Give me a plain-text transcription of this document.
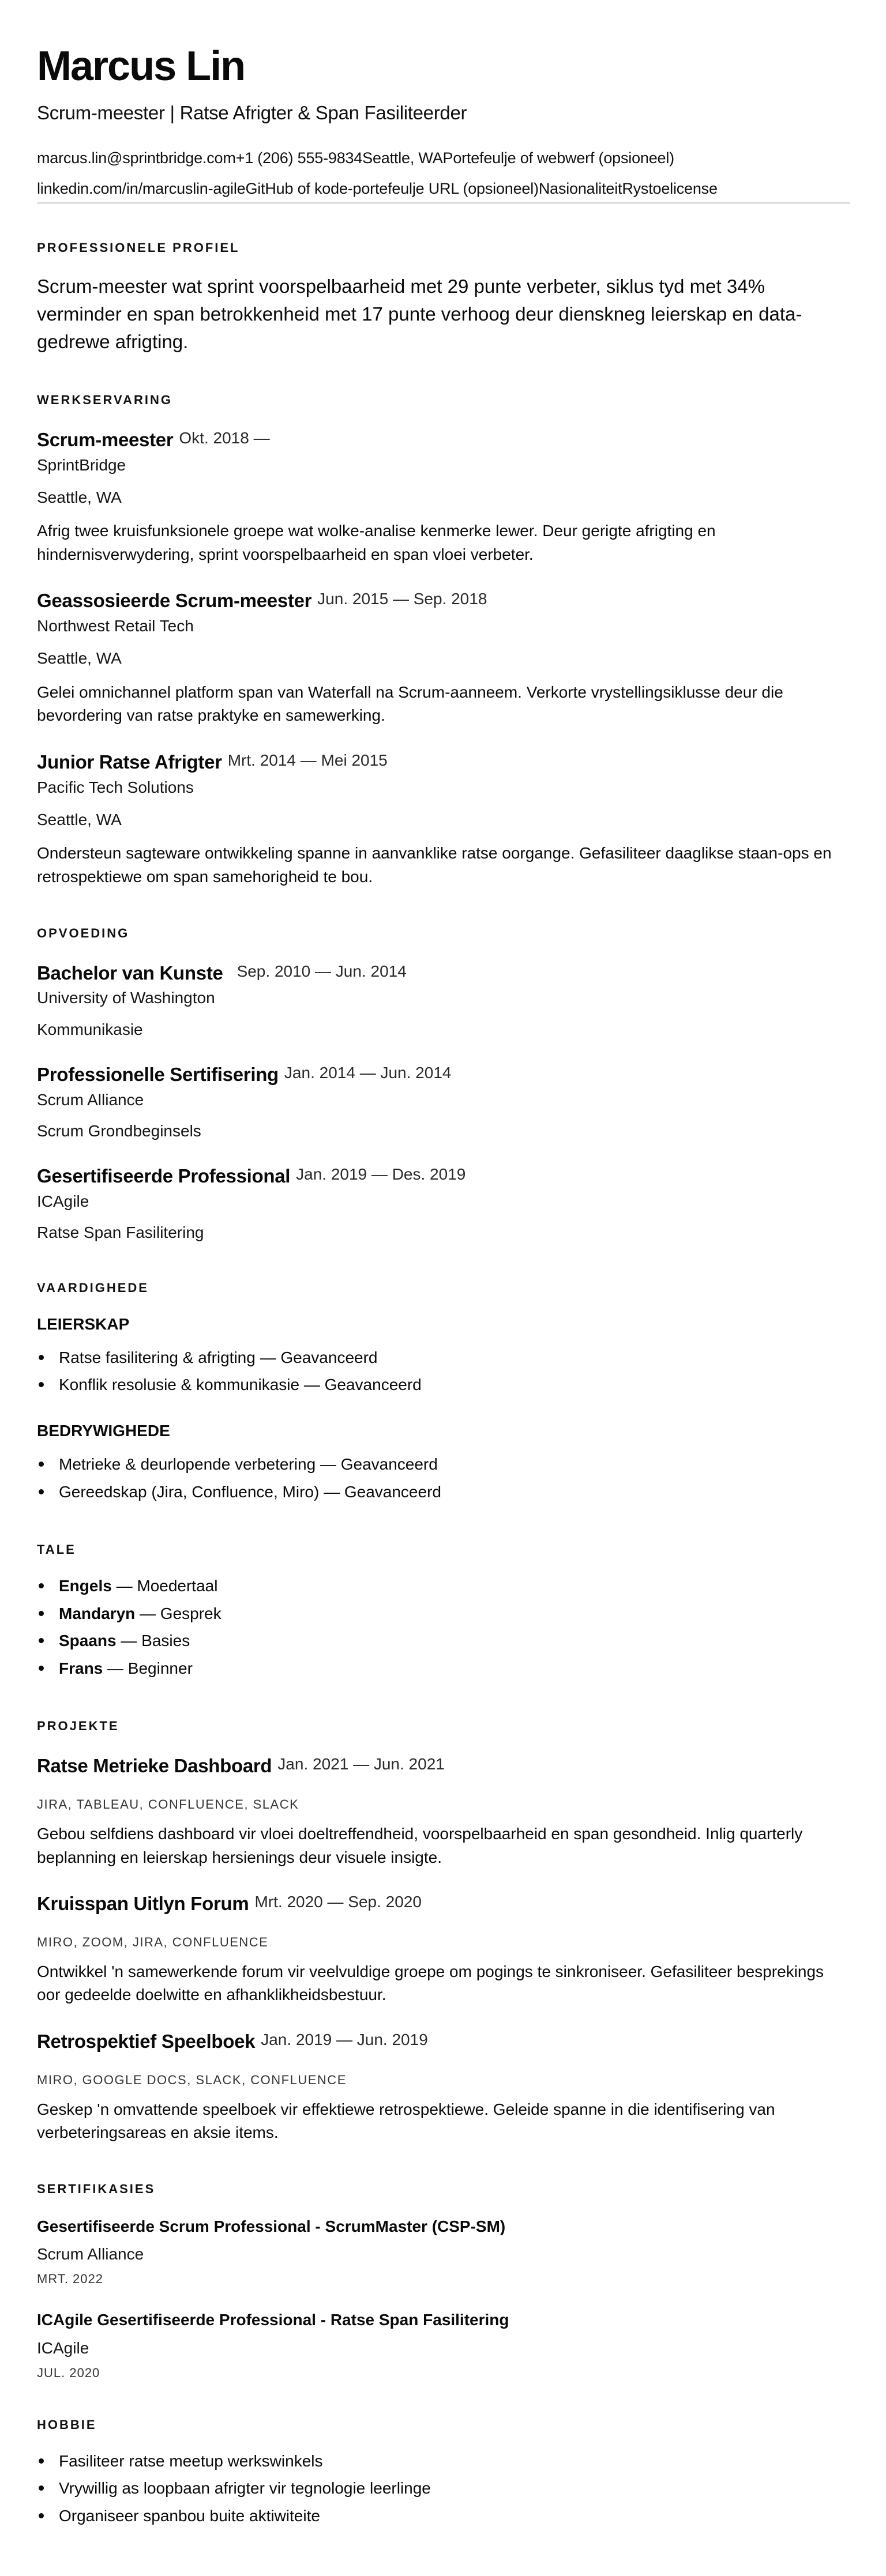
Marcus Lin
Scrum-meester | Ratse Afrigter & Span Fasiliteerder
marcus.lin@sprintbridge.com+1 (206) 555-9834Seattle, WAPortefeulje of webwerf (opsioneel)
linkedin.com/in/marcuslin-agileGitHub of kode-portefeulje URL (opsioneel)NasionaliteitRystoelicense
PROFESSIONELE PROFIEL

Scrum-meester wat sprint voorspelbaarheid met 29 punte verbeter, siklus tyd met 34% verminder en span betrokkenheid met 17 punte verhoog deur dienskneg leierskap en data-gedrewe afrigting.

WERKSERVARING
Scrum-meester Okt. 2018 —
SprintBridge
Seattle, WA

Afrig twee kruisfunksionele groepe wat wolke-analise kenmerke lewer. Deur gerigte afrigting en hindernisverwydering, sprint voorspelbaarheid en span vloei verbeter.

Geassosieerde Scrum-meester Jun. 2015 — Sep. 2018
Northwest Retail Tech
Seattle, WA

Gelei omnichannel platform span van Waterfall na Scrum-aanneem. Verkorte vrystellingsiklusse deur die bevordering van ratse praktyke en samewerking.

Junior Ratse Afrigter Mrt. 2014 — Mei 2015
Pacific Tech Solutions
Seattle, WA

Ondersteun sagteware ontwikkeling spanne in aanvanklike ratse oorgange. Gefasiliteer daaglikse staan-ops en retrospektiewe om span samehorigheid te bou.

OPVOEDING
Bachelor van Kunste Sep. 2010 — Jun. 2014
University of Washington
Kommunikasie
Professionelle Sertifisering Jan. 2014 — Jun. 2014
Scrum Alliance
Scrum Grondbeginsels
Gesertifiseerde Professional Jan. 2019 — Des. 2019
ICAgile
Ratse Span Fasilitering
VAARDIGHEDE
LEIERSKAP
Ratse fasilitering & afrigting — Geavanceerd
Konflik resolusie & kommunikasie — Geavanceerd
BEDRYWIGHEDE
Metrieke & deurlopende verbetering — Geavanceerd
Gereedskap (Jira, Confluence, Miro) — Geavanceerd
TALE
Engels — Moedertaal
Mandaryn — Gesprek
Spaans — Basies
Frans — Beginner
PROJEKTE
Ratse Metrieke Dashboard Jan. 2021 — Jun. 2021
JIRA, TABLEAU, CONFLUENCE, SLACK

Gebou selfdiens dashboard vir vloei doeltreffendheid, voorspelbaarheid en span gesondheid. Inlig quarterly beplanning en leierskap hersienings deur visuele insigte.

Kruisspan Uitlyn Forum Mrt. 2020 — Sep. 2020
MIRO, ZOOM, JIRA, CONFLUENCE

Ontwikkel 'n samewerkende forum vir veelvuldige groepe om pogings te sinkroniseer. Gefasiliteer besprekings oor gedeelde doelwitte en afhanklikheidsbestuur.

Retrospektief Speelboek Jan. 2019 — Jun. 2019
MIRO, GOOGLE DOCS, SLACK, CONFLUENCE

Geskep 'n omvattende speelboek vir effektiewe retrospektiewe. Geleide spanne in die identifisering van verbeteringsareas en aksie items.

SERTIFIKASIES
Gesertifiseerde Scrum Professional - ScrumMaster (CSP-SM)
Scrum Alliance
MRT. 2022
ICAgile Gesertifiseerde Professional - Ratse Span Fasilitering
ICAgile
JUL. 2020
HOBBIE
Fasiliteer ratse meetup werkswinkels
Vrywillig as loopbaan afrigter vir tegnologie leerlinge
Organiseer spanbou buite aktiwiteite
